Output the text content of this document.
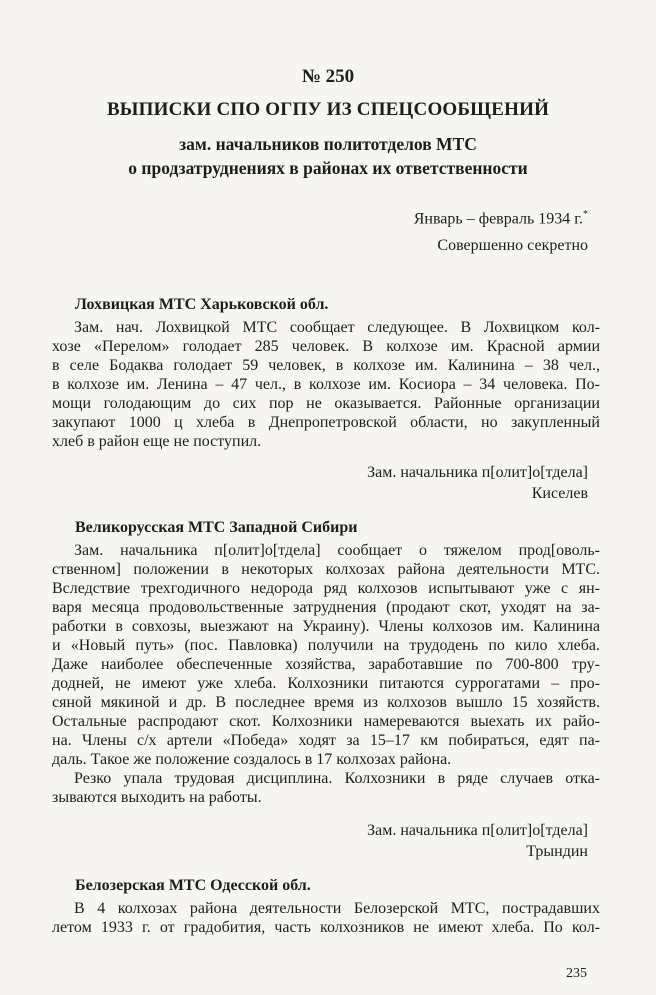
№ 250
ВЫПИСКИ СПО ОГПУ ИЗ СПЕЦСООБЩЕНИЙ
зам. начальников политотделов МТС
о продзатруднениях в районах их ответственности
Январь – февраль 1934 г.*
Совершенно секретно
Лохвицкая МТС Харьковской обл.
Зам. нач. Лохвицкой МТС сообщает следующее. В Лохвицком кол-
хозе «Перелом» голодает 285 человек. В колхозе им. Красной армии
в селе Бодаква голодает 59 человек, в колхозе им. Калинина – 38 чел.,
в колхозе им. Ленина – 47 чел., в колхозе им. Косиора – 34 человека. По-
мощи голодающим до сих пор не оказывается. Районные организации
закупают 1000 ц хлеба в Днепропетровской области, но закупленный
хлеб в район еще не поступил.
Зам. начальника п[олит]о[тдела]
Киселев
Великорусская МТС Западной Сибири
Зам. начальника п[олит]о[тдела] сообщает о тяжелом прод[оволь-
ственном] положении в некоторых колхозах района деятельности МТС.
Вследствие трехгодичного недорода ряд колхозов испытывают уже с ян-
варя месяца продовольственные затруднения (продают скот, уходят на за-
работки в совхозы, выезжают на Украину). Члены колхозов им. Калинина
и «Новый путь» (пос. Павловка) получили на трудодень по кило хлеба.
Даже наиболее обеспеченные хозяйства, заработавшие по 700-800 тру-
додней, не имеют уже хлеба. Колхозники питаются суррогатами – про-
сяной мякиной и др. В последнее время из колхозов вышло 15 хозяйств.
Остальные распродают скот. Колхозники намереваются выехать их райо-
на. Члены с/х артели «Победа» ходят за 15–17 км побираться, едят па-
даль. Такое же положение создалось в 17 колхозах района.
Резко упала трудовая дисциплина. Колхозники в ряде случаев отка-
зываются выходить на работы.
Зам. начальника п[олит]о[тдела]
Трындин
Белозерская МТС Одесской обл.
В 4 колхозах района деятельности Белозерской МТС, пострадавших
летом 1933 г. от градобития, часть колхозников не имеют хлеба. По кол-
235
